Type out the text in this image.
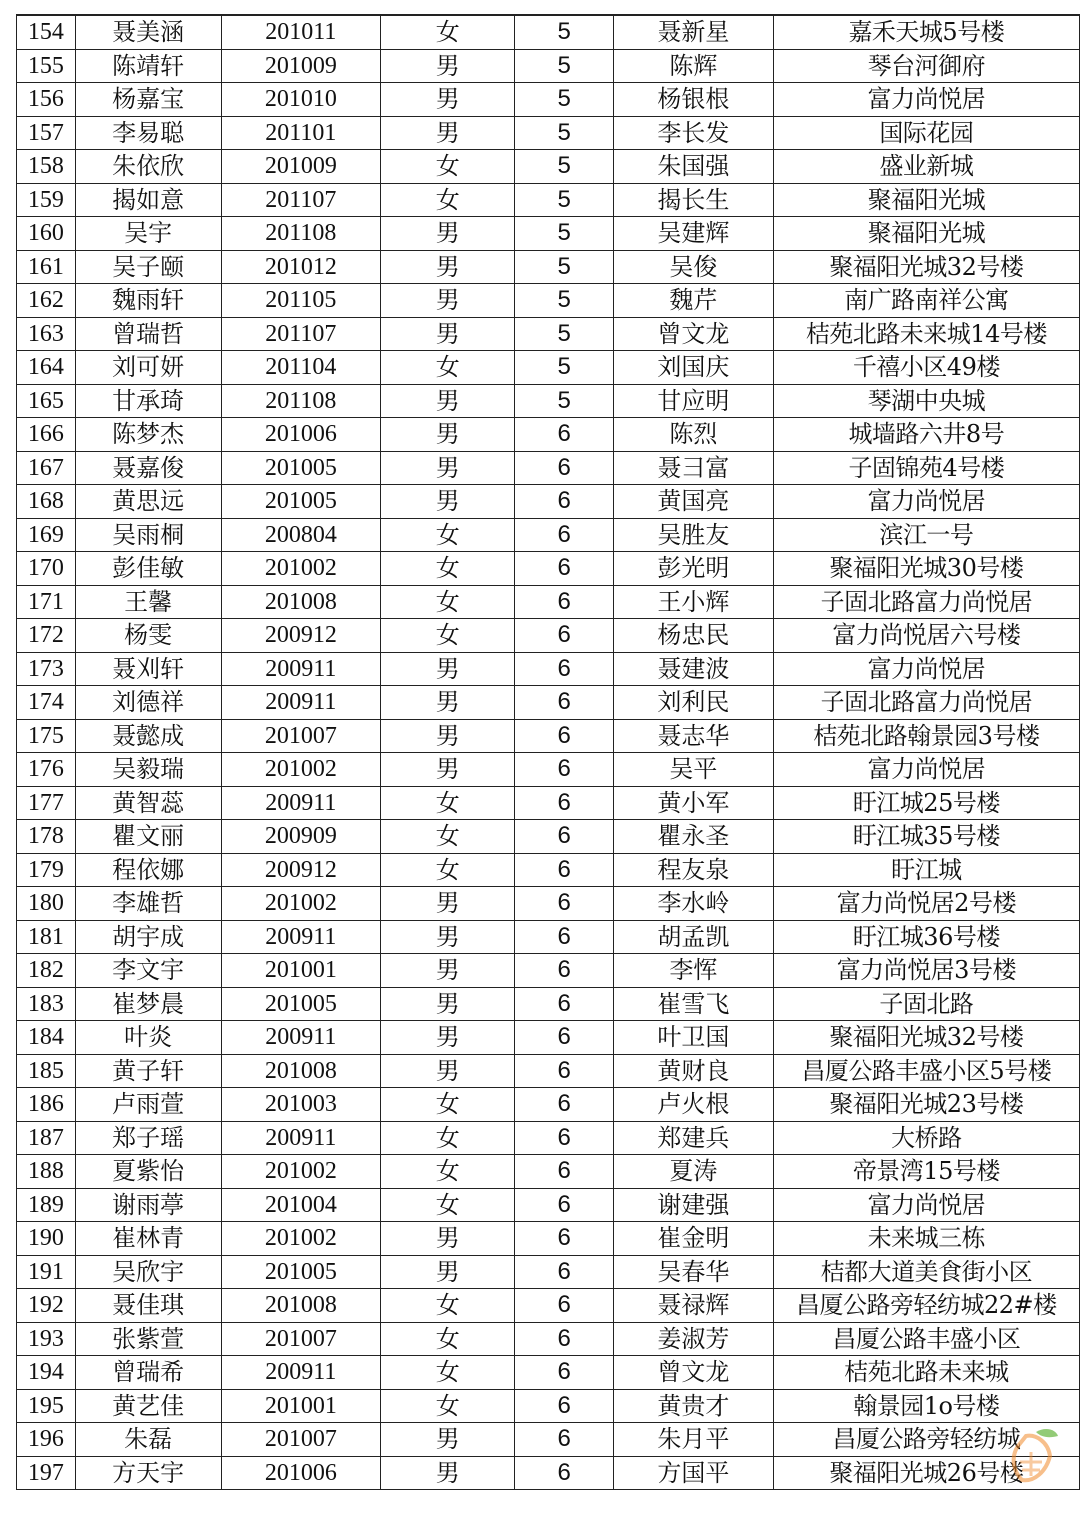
154	聂美涵	201011	女	5	聂新星	嘉禾天城5号楼
155	陈靖轩	201009	男	5	陈辉	琴台河御府
156	杨嘉宝	201010	男	5	杨银根	富力尚悦居
157	李易聪	201101	男	5	李长发	国际花园
158	朱依欣	201009	女	5	朱国强	盛业新城
159	揭如意	201107	女	5	揭长生	聚福阳光城
160	吴宇	201108	男	5	吴建辉	聚福阳光城
161	吴子颐	201012	男	5	吴俊	聚福阳光城32号楼
162	魏雨轩	201105	男	5	魏芹	南广路南祥公寓
163	曾瑞哲	201107	男	5	曾文龙	桔苑北路未来城14号楼
164	刘可妍	201104	女	5	刘国庆	千禧小区49楼
165	甘承琦	201108	男	5	甘应明	琴湖中央城
166	陈梦杰	201006	男	6	陈烈	城墙路六井8号
167	聂嘉俊	201005	男	6	聂彐富	子固锦苑4号楼
168	黄思远	201005	男	6	黄国亮	富力尚悦居
169	吴雨桐	200804	女	6	吴胜友	滨江一号
170	彭佳敏	201002	女	6	彭光明	聚福阳光城30号楼
171	王馨	201008	女	6	王小辉	子固北路富力尚悦居
172	杨雯	200912	女	6	杨忠民	富力尚悦居六号楼
173	聂刈轩	200911	男	6	聂建波	富力尚悦居
174	刘德祥	200911	男	6	刘利民	子固北路富力尚悦居
175	聂懿成	201007	男	6	聂志华	桔苑北路翰景园3号楼
176	吴毅瑞	201002	男	6	吴平	富力尚悦居
177	黄智蕊	200911	女	6	黄小军	盱江城25号楼
178	瞿文丽	200909	女	6	瞿永圣	盱江城35号楼
179	程依娜	200912	女	6	程友泉	盱江城
180	李雄哲	201002	男	6	李水岭	富力尚悦居2号楼
181	胡宇成	200911	男	6	胡孟凯	盱江城36号楼
182	李文宇	201001	男	6	李恽	富力尚悦居3号楼
183	崔梦晨	201005	男	6	崔雪飞	子固北路
184	叶炎	200911	男	6	叶卫国	聚福阳光城32号楼
185	黄子轩	201008	男	6	黄财良	昌厦公路丰盛小区5号楼
186	卢雨萱	201003	女	6	卢火根	聚福阳光城23号楼
187	郑子瑶	200911	女	6	郑建兵	大桥路
188	夏紫怡	201002	女	6	夏涛	帝景湾15号楼
189	谢雨葶	201004	女	6	谢建强	富力尚悦居
190	崔林青	201002	男	6	崔金明	未来城三栋
191	吴欣宇	201005	男	6	吴春华	桔都大道美食街小区
192	聂佳琪	201008	女	6	聂禄辉	昌厦公路旁轻纺城22#楼
193	张紫萱	201007	女	6	姜淑芳	昌厦公路丰盛小区
194	曾瑞希	200911	女	6	曾文龙	桔苑北路未来城
195	黄艺佳	201001	女	6	黄贵才	翰景园1o号楼
196	朱磊	201007	男	6	朱月平	昌厦公路旁轻纺城
197	方天宇	201006	男	6	方国平	聚福阳光城26号楼
